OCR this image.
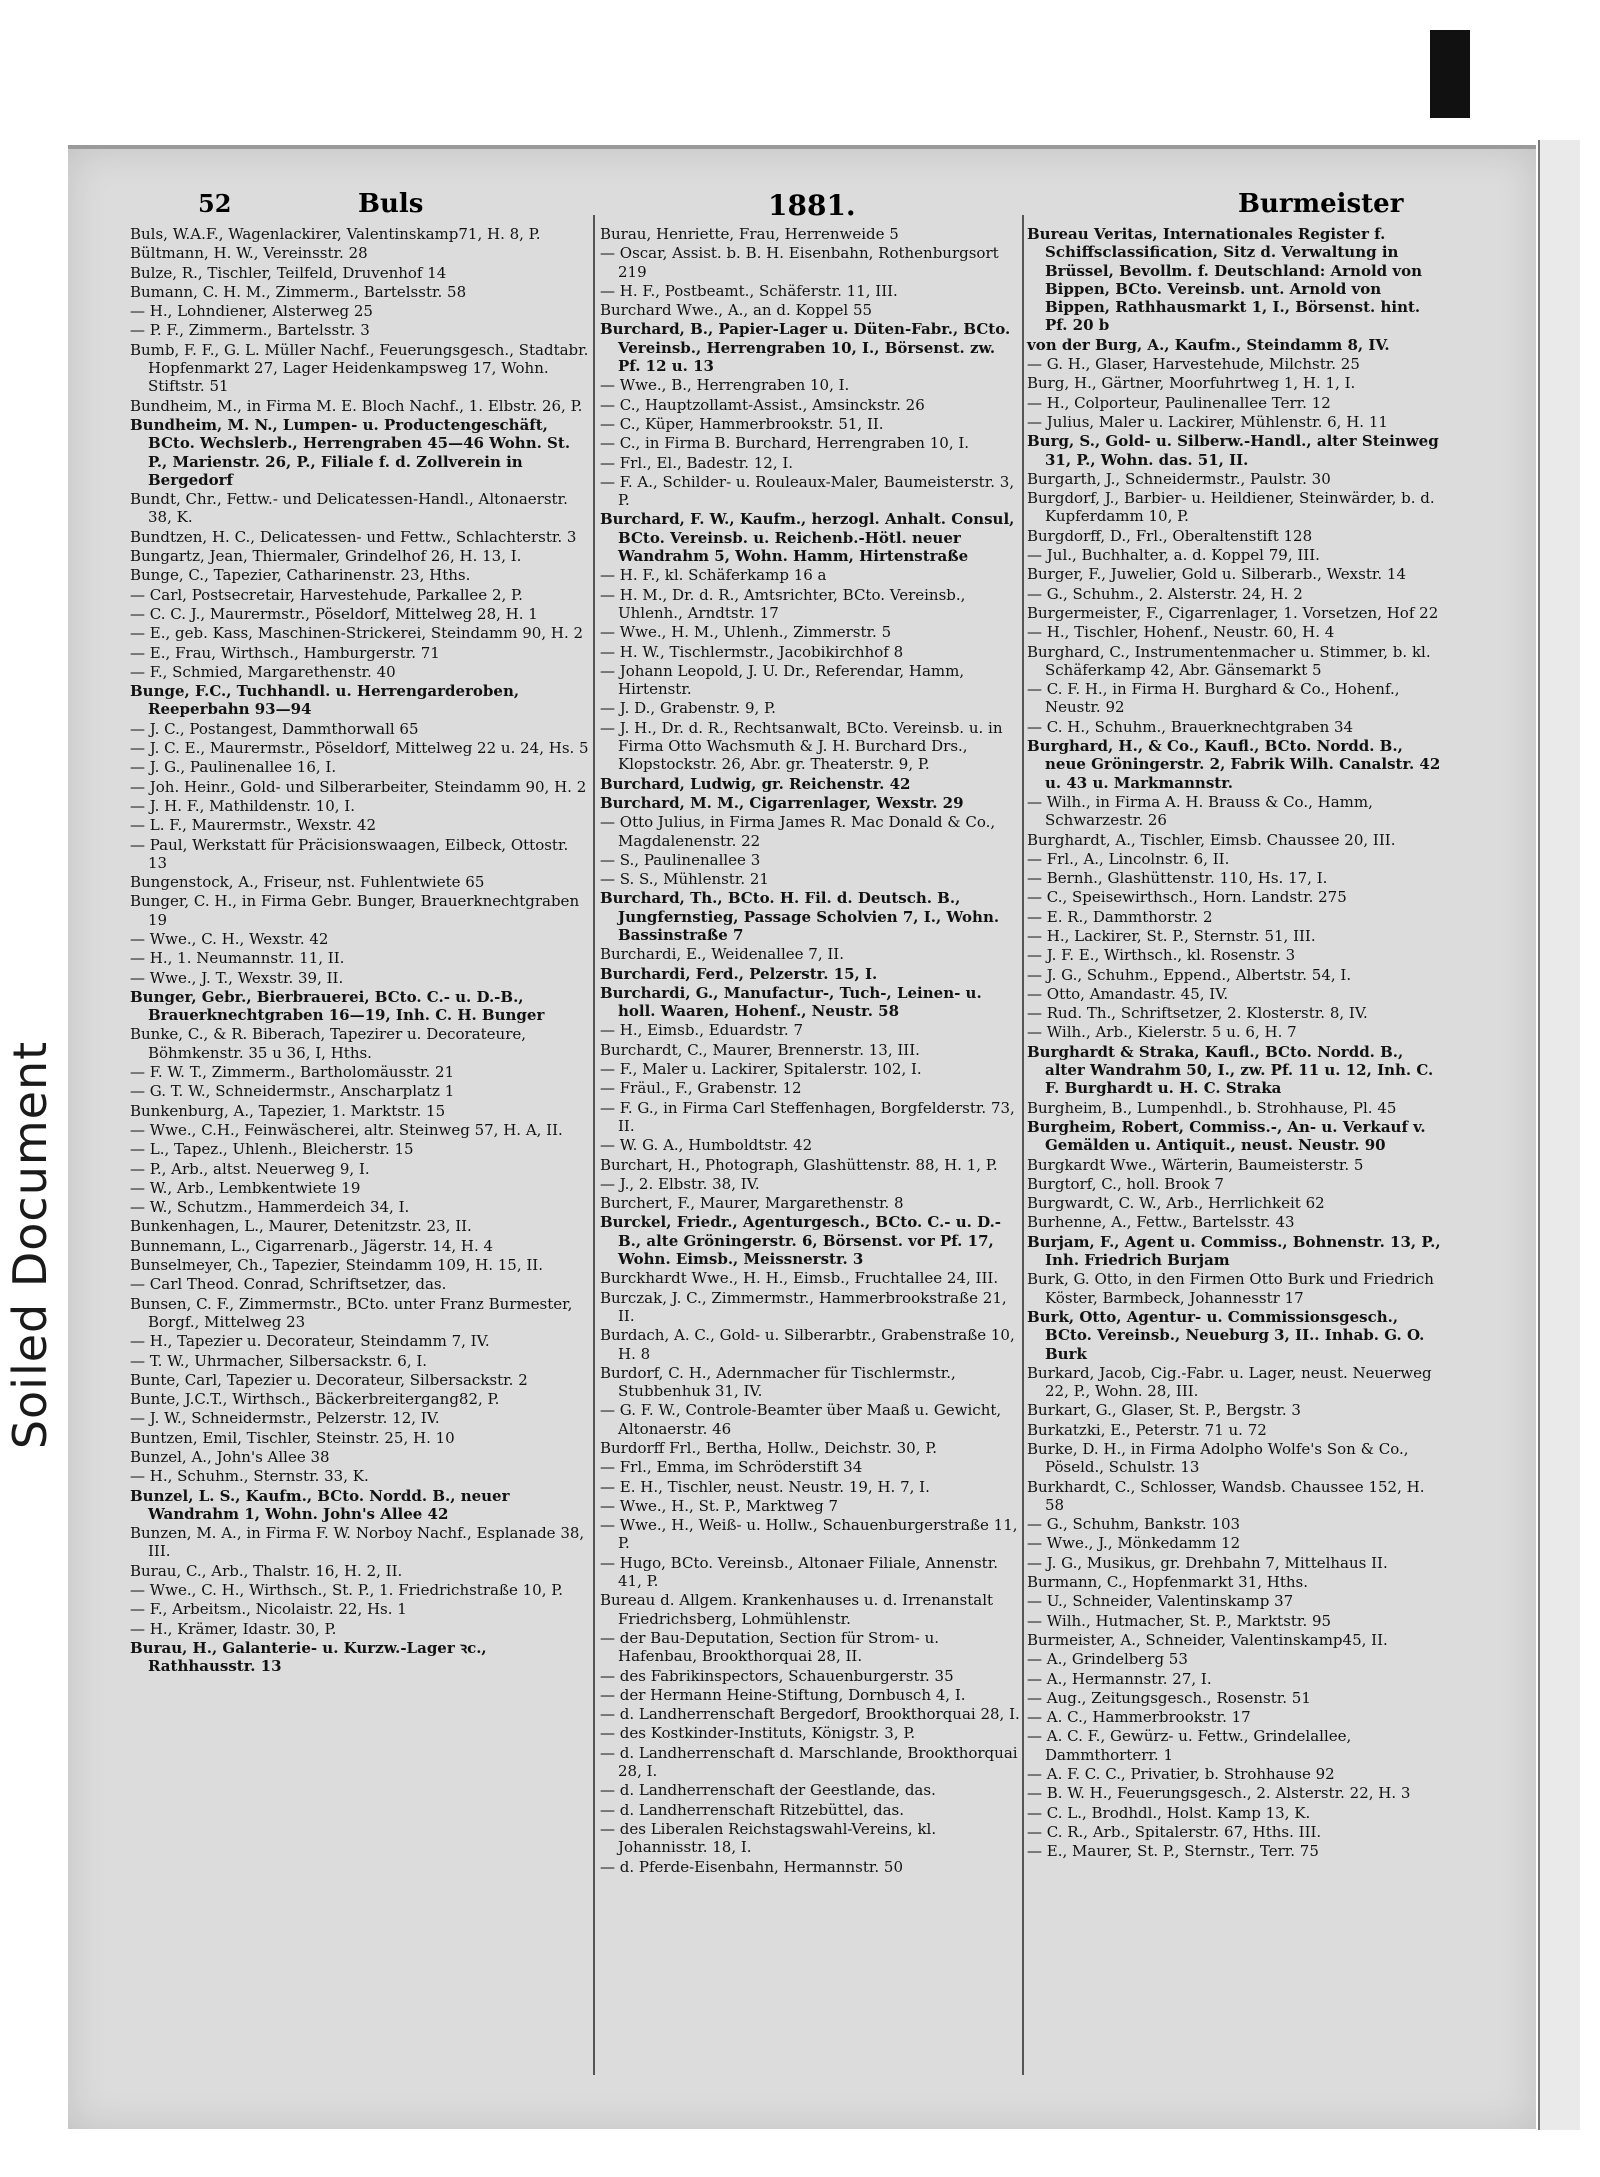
Soiled Document
52	Buls	1881.	Burmeister
Buls, W.A.F., Wagenlackirer, Valentinskamp71, H. 8, P.
Bültmann, H. W., Vereinsstr. 28
Bulze, R., Tischler, Teilfeld, Druvenhof 14
Bumann, C. H. M., Zimmerm., Bartelsstr. 58
— H., Lohndiener, Alsterweg 25
— P. F., Zimmerm., Bartelsstr. 3
Bumb, F. F., G. L. Müller Nachf., Feuerungsgesch., Stadtabr. Hopfenmarkt 27, Lager Heidenkampsweg 17, Wohn. Stiftstr. 51
Bundheim, M., in Firma M. E. Bloch Nachf., 1. Elbstr. 26, P.
Bundheim, M. N., Lumpen- u. Productengeschäft, BCto. Wechslerb., Herrengraben 45—46 Wohn. St. P., Marienstr. 26, P., Filiale f. d. Zollverein in Bergedorf
Bundt, Chr., Fettw.- und Delicatessen-Handl., Altonaerstr. 38, K.
Bundtzen, H. C., Delicatessen- und Fettw., Schlachterstr. 3
Bungartz, Jean, Thiermaler, Grindelhof 26, H. 13, I.
Bunge, C., Tapezier, Catharinenstr. 23, Hths.
— Carl, Postsecretair, Harvestehude, Parkallee 2, P.
— C. C. J., Maurermstr., Pöseldorf, Mittelweg 28, H. 1
— E., geb. Kass, Maschinen-Strickerei, Steindamm 90, H. 2
— E., Frau, Wirthsch., Hamburgerstr. 71
— F., Schmied, Margarethenstr. 40
Bunge, F.C., Tuchhandl. u. Herrengarderoben, Reeperbahn 93—94
— J. C., Postangest, Dammthorwall 65
— J. C. E., Maurermstr., Pöseldorf, Mittelweg 22 u. 24, Hs. 5
— J. G., Paulinenallee 16, I.
— Joh. Heinr., Gold- und Silberarbeiter, Steindamm 90, H. 2
— J. H. F., Mathildenstr. 10, I.
— L. F., Maurermstr., Wexstr. 42
— Paul, Werkstatt für Präcisionswaagen, Eilbeck, Ottostr. 13
Bungenstock, A., Friseur, nst. Fuhlentwiete 65
Bunger, C. H., in Firma Gebr. Bunger, Brauerknechtgraben 19
— Wwe., C. H., Wexstr. 42
— H., 1. Neumannstr. 11, II.
— Wwe., J. T., Wexstr. 39, II.
Bunger, Gebr., Bierbrauerei, BCto. C.- u. D.-B., Brauerknechtgraben 16—19, Inh. C. H. Bunger
Bunke, C., & R. Biberach, Tapezirer u. Decorateure, Böhmkenstr. 35 u 36, I, Hths.
— F. W. T., Zimmerm., Bartholomäusstr. 21
— G. T. W., Schneidermstr., Anscharplatz 1
Bunkenburg, A., Tapezier, 1. Marktstr. 15
— Wwe., C.H., Feinwäscherei, altr. Steinweg 57, H. A, II.
— L., Tapez., Uhlenh., Bleicherstr. 15
— P., Arb., altst. Neuerweg 9, I.
— W., Arb., Lembkentwiete 19
— W., Schutzm., Hammerdeich 34, I.
Bunkenhagen, L., Maurer, Detenitzstr. 23, II.
Bunnemann, L., Cigarrenarb., Jägerstr. 14, H. 4
Bunselmeyer, Ch., Tapezier, Steindamm 109, H. 15, II.
— Carl Theod. Conrad, Schriftsetzer, das.
Bunsen, C. F., Zimmermstr., BCto. unter Franz Burmester, Borgf., Mittelweg 23
— H., Tapezier u. Decorateur, Steindamm 7, IV.
— T. W., Uhrmacher, Silbersackstr. 6, I.
Bunte, Carl, Tapezier u. Decorateur, Silbersackstr. 2
Bunte, J.C.T., Wirthsch., Bäckerbreitergang82, P.
— J. W., Schneidermstr., Pelzerstr. 12, IV.
Buntzen, Emil, Tischler, Steinstr. 25, H. 10
Bunzel, A., John's Allee 38
— H., Schuhm., Sternstr. 33, K.
Bunzel, L. S., Kaufm., BCto. Nordd. B., neuer Wandrahm 1, Wohn. John's Allee 42
Bunzen, M. A., in Firma F. W. Norboy Nachf., Esplanade 38, III.
Burau, C., Arb., Thalstr. 16, H. 2, II.
— Wwe., C. H., Wirthsch., St. P., 1. Friedrichstraße 10, P.
— F., Arbeitsm., Nicolaistr. 22, Hs. 1
— H., Krämer, Idastr. 30, P.
Burau, H., Galanterie- u. Kurzw.-Lager ꝛc., Rathhausstr. 13
Burau, Henriette, Frau, Herrenweide 5
— Oscar, Assist. b. B. H. Eisenbahn, Rothenburgsort 219
— H. F., Postbeamt., Schäferstr. 11, III.
Burchard Wwe., A., an d. Koppel 55
Burchard, B., Papier-Lager u. Düten-Fabr., BCto. Vereinsb., Herrengraben 10, I., Börsenst. zw. Pf. 12 u. 13
— Wwe., B., Herrengraben 10, I.
— C., Hauptzollamt-Assist., Amsinckstr. 26
— C., Küper, Hammerbrookstr. 51, II.
— C., in Firma B. Burchard, Herrengraben 10, I.
— Frl., El., Badestr. 12, I.
— F. A., Schilder- u. Rouleaux-Maler, Baumeisterstr. 3, P.
Burchard, F. W., Kaufm., herzogl. Anhalt. Consul, BCto. Vereinsb. u. Reichenb.-Hötl. neuer Wandrahm 5, Wohn. Hamm, Hirtenstraße
— H. F., kl. Schäferkamp 16 a
— H. M., Dr. d. R., Amtsrichter, BCto. Vereinsb., Uhlenh., Arndtstr. 17
— Wwe., H. M., Uhlenh., Zimmerstr. 5
— H. W., Tischlermstr., Jacobikirchhof 8
— Johann Leopold, J. U. Dr., Referendar, Hamm, Hirtenstr.
— J. D., Grabenstr. 9, P.
— J. H., Dr. d. R., Rechtsanwalt, BCto. Vereinsb. u. in Firma Otto Wachsmuth & J. H. Burchard Drs., Klopstockstr. 26, Abr. gr. Theaterstr. 9, P.
Burchard, Ludwig, gr. Reichenstr. 42
Burchard, M. M., Cigarrenlager, Wexstr. 29
— Otto Julius, in Firma James R. Mac Donald & Co., Magdalenenstr. 22
— S., Paulinenallee 3
— S. S., Mühlenstr. 21
Burchard, Th., BCto. H. Fil. d. Deutsch. B., Jungfernstieg, Passage Scholvien 7, I., Wohn. Bassinstraße 7
Burchardi, E., Weidenallee 7, II.
Burchardi, Ferd., Pelzerstr. 15, I.
Burchardi, G., Manufactur-, Tuch-, Leinen- u. holl. Waaren, Hohenf., Neustr. 58
— H., Eimsb., Eduardstr. 7
Burchardt, C., Maurer, Brennerstr. 13, III.
— F., Maler u. Lackirer, Spitalerstr. 102, I.
— Fräul., F., Grabenstr. 12
— F. G., in Firma Carl Steffenhagen, Borgfelderstr. 73, II.
— W. G. A., Humboldtstr. 42
Burchart, H., Photograph, Glashüttenstr. 88, H. 1, P.
— J., 2. Elbstr. 38, IV.
Burchert, F., Maurer, Margarethenstr. 8
Burckel, Friedr., Agenturgesch., BCto. C.- u. D.-B., alte Gröningerstr. 6, Börsenst. vor Pf. 17, Wohn. Eimsb., Meissnerstr. 3
Burckhardt Wwe., H. H., Eimsb., Fruchtallee 24, III.
Burczak, J. C., Zimmermstr., Hammerbrookstraße 21, II.
Burdach, A. C., Gold- u. Silberarbtr., Grabenstraße 10, H. 8
Burdorf, C. H., Adernmacher für Tischlermstr., Stubbenhuk 31, IV.
— G. F. W., Controle-Beamter über Maaß u. Gewicht, Altonaerstr. 46
Burdorff Frl., Bertha, Hollw., Deichstr. 30, P.
— Frl., Emma, im Schröderstift 34
— E. H., Tischler, neust. Neustr. 19, H. 7, I.
— Wwe., H., St. P., Marktweg 7
— Wwe., H., Weiß- u. Hollw., Schauenburgerstraße 11, P.
— Hugo, BCto. Vereinsb., Altonaer Filiale, Annenstr. 41, P.
Bureau d. Allgem. Krankenhauses u. d. Irrenanstalt Friedrichsberg, Lohmühlenstr.
— der Bau-Deputation, Section für Strom- u. Hafenbau, Brookthorquai 28, II.
— des Fabrikinspectors, Schauenburgerstr. 35
— der Hermann Heine-Stiftung, Dornbusch 4, I.
— d. Landherrenschaft Bergedorf, Brookthorquai 28, I.
— des Kostkinder-Instituts, Königstr. 3, P.
— d. Landherrenschaft d. Marschlande, Brookthorquai 28, I.
— d. Landherrenschaft der Geestlande, das.
— d. Landherrenschaft Ritzebüttel, das.
— des Liberalen Reichstagswahl-Vereins, kl. Johannisstr. 18, I.
— d. Pferde-Eisenbahn, Hermannstr. 50
Bureau Veritas, Internationales Register f. Schiffsclassification, Sitz d. Verwaltung in Brüssel, Bevollm. f. Deutschland: Arnold von Bippen, BCto. Vereinsb. unt. Arnold von Bippen, Rathhausmarkt 1, I., Börsenst. hint. Pf. 20 b
von der Burg, A., Kaufm., Steindamm 8, IV.
— G. H., Glaser, Harvestehude, Milchstr. 25
Burg, H., Gärtner, Moorfuhrtweg 1, H. 1, I.
— H., Colporteur, Paulinenallee Terr. 12
— Julius, Maler u. Lackirer, Mühlenstr. 6, H. 11
Burg, S., Gold- u. Silberw.-Handl., alter Steinweg 31, P., Wohn. das. 51, II.
Burgarth, J., Schneidermstr., Paulstr. 30
Burgdorf, J., Barbier- u. Heildiener, Steinwärder, b. d. Kupferdamm 10, P.
Burgdorff, D., Frl., Oberaltenstift 128
— Jul., Buchhalter, a. d. Koppel 79, III.
Burger, F., Juwelier, Gold u. Silberarb., Wexstr. 14
— G., Schuhm., 2. Alsterstr. 24, H. 2
Burgermeister, F., Cigarrenlager, 1. Vorsetzen, Hof 22
— H., Tischler, Hohenf., Neustr. 60, H. 4
Burghard, C., Instrumentenmacher u. Stimmer, b. kl. Schäferkamp 42, Abr. Gänsemarkt 5
— C. F. H., in Firma H. Burghard & Co., Hohenf., Neustr. 92
— C. H., Schuhm., Brauerknechtgraben 34
Burghard, H., & Co., Kaufl., BCto. Nordd. B., neue Gröningerstr. 2, Fabrik Wilh. Canalstr. 42 u. 43 u. Markmannstr.
— Wilh., in Firma A. H. Brauss & Co., Hamm, Schwarzestr. 26
Burghardt, A., Tischler, Eimsb. Chaussee 20, III.
— Frl., A., Lincolnstr. 6, II.
— Bernh., Glashüttenstr. 110, Hs. 17, I.
— C., Speisewirthsch., Horn. Landstr. 275
— E. R., Dammthorstr. 2
— H., Lackirer, St. P., Sternstr. 51, III.
— J. F. E., Wirthsch., kl. Rosenstr. 3
— J. G., Schuhm., Eppend., Albertstr. 54, I.
— Otto, Amandastr. 45, IV.
— Rud. Th., Schriftsetzer, 2. Klosterstr. 8, IV.
— Wilh., Arb., Kielerstr. 5 u. 6, H. 7
Burghardt & Straka, Kaufl., BCto. Nordd. B., alter Wandrahm 50, I., zw. Pf. 11 u. 12, Inh. C. F. Burghardt u. H. C. Straka
Burgheim, B., Lumpenhdl., b. Strohhause, Pl. 45
Burgheim, Robert, Commiss.-, An- u. Verkauf v. Gemälden u. Antiquit., neust. Neustr. 90
Burgkardt Wwe., Wärterin, Baumeisterstr. 5
Burgtorf, C., holl. Brook 7
Burgwardt, C. W., Arb., Herrlichkeit 62
Burhenne, A., Fettw., Bartelsstr. 43
Burjam, F., Agent u. Commiss., Bohnenstr. 13, P., Inh. Friedrich Burjam
Burk, G. Otto, in den Firmen Otto Burk und Friedrich Köster, Barmbeck, Johannesstr 17
Burk, Otto, Agentur- u. Commissionsgesch., BCto. Vereinsb., Neueburg 3, II.. Inhab. G. O. Burk
Burkard, Jacob, Cig.-Fabr. u. Lager, neust. Neuerweg 22, P., Wohn. 28, III.
Burkart, G., Glaser, St. P., Bergstr. 3
Burkatzki, E., Peterstr. 71 u. 72
Burke, D. H., in Firma Adolpho Wolfe's Son & Co., Pöseld., Schulstr. 13
Burkhardt, C., Schlosser, Wandsb. Chaussee 152, H. 58
— G., Schuhm, Bankstr. 103
— Wwe., J., Mönkedamm 12
— J. G., Musikus, gr. Drehbahn 7, Mittelhaus II.
Burmann, C., Hopfenmarkt 31, Hths.
— U., Schneider, Valentinskamp 37
— Wilh., Hutmacher, St. P., Marktstr. 95
Burmeister, A., Schneider, Valentinskamp45, II.
— A., Grindelberg 53
— A., Hermannstr. 27, I.
— Aug., Zeitungsgesch., Rosenstr. 51
— A. C., Hammerbrookstr. 17
— A. C. F., Gewürz- u. Fettw., Grindelallee, Dammthorterr. 1
— A. F. C. C., Privatier, b. Strohhause 92
— B. W. H., Feuerungsgesch., 2. Alsterstr. 22, H. 3
— C. L., Brodhdl., Holst. Kamp 13, K.
— C. R., Arb., Spitalerstr. 67, Hths. III.
— E., Maurer, St. P., Sternstr., Terr. 75
